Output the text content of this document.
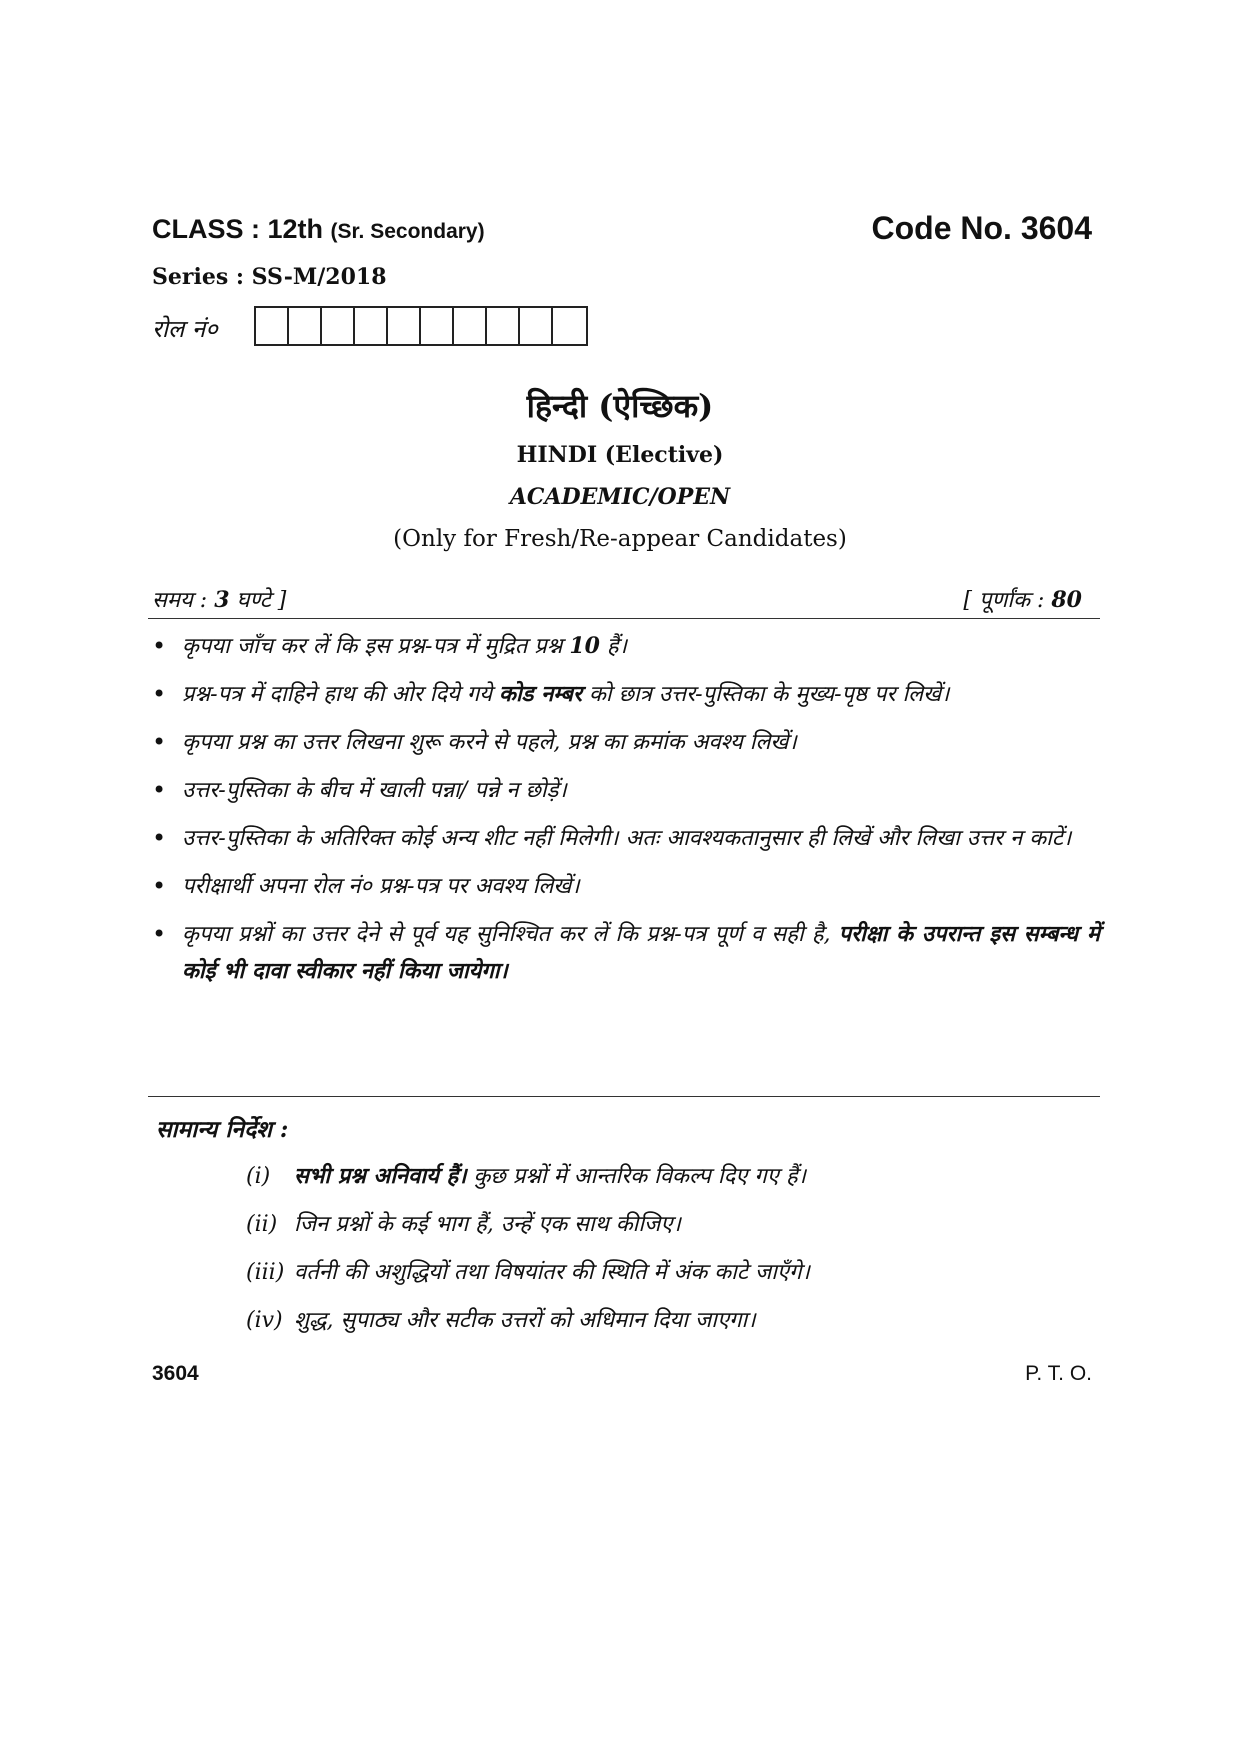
CLASS : 12th (Sr. Secondary)	Code No. 3604
Series : SS-M/2018
रोल नं०
हिन्दी (ऐच्छिक)
HINDI (Elective)
ACADEMIC/OPEN
(Only for Fresh/Re-appear Candidates)
समय : 3 घण्टे ]	[ पूर्णांक : 80
• कृपया जाँच कर लें कि इस प्रश्न-पत्र में मुद्रित प्रश्न 10 हैं।
• प्रश्न-पत्र में दाहिने हाथ की ओर दिये गये कोड नम्बर को छात्र उत्तर-पुस्तिका के मुख्य-पृष्ठ पर लिखें।
• कृपया प्रश्न का उत्तर लिखना शुरू करने से पहले, प्रश्न का क्रमांक अवश्य लिखें।
• उत्तर-पुस्तिका के बीच में खाली पन्ना/ पन्ने न छोड़ें।
• उत्तर-पुस्तिका के अतिरिक्त कोई अन्य शीट नहीं मिलेगी। अतः आवश्यकतानुसार ही लिखें और लिखा उत्तर न काटें।
• परीक्षार्थी अपना रोल नं० प्रश्न-पत्र पर अवश्य लिखें।
• कृपया प्रश्नों का उत्तर देने से पूर्व यह सुनिश्चित कर लें कि प्रश्न-पत्र पूर्ण व सही है, परीक्षा के उपरान्त इस सम्बन्ध में कोई भी दावा स्वीकार नहीं किया जायेगा।
सामान्य निर्देश :
(i) सभी प्रश्न अनिवार्य हैं। कुछ प्रश्नों में आन्तरिक विकल्प दिए गए हैं।
(ii) जिन प्रश्नों के कई भाग हैं, उन्हें एक साथ कीजिए।
(iii) वर्तनी की अशुद्धियों तथा विषयांतर की स्थिति में अंक काटे जाएँगे।
(iv) शुद्ध, सुपाठ्य और सटीक उत्तरों को अधिमान दिया जाएगा।
3604	P. T. O.
